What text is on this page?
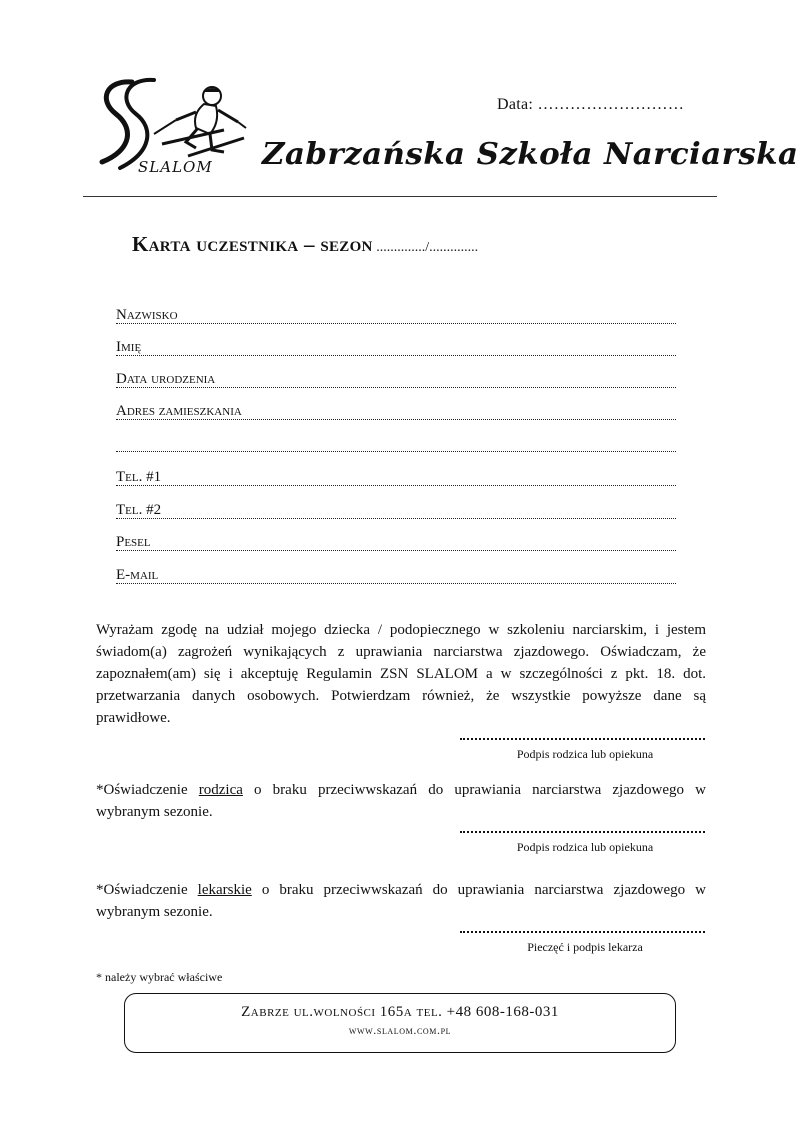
SLALOM
Data: ………………………
Zabrzańska Szkoła Narciarska
Karta uczestnika – sezon ............../..............
Nazwisko
Imię
Data urodzenia
Adres zamieszkania
Tel. #1
Tel. #2
Pesel
E-mail
Wyrażam zgodę na udział mojego dziecka / podopiecznego w szkoleniu narciarskim, i jestem świadom(a) zagrożeń wynikających z uprawiania narciarstwa zjazdowego. Oświadczam, że zapoznałem(am) się i akceptuję Regulamin ZSN SLALOM a w szczególności z pkt. 18. dot. przetwarzania danych osobowych. Potwierdzam również, że wszystkie powyższe dane są prawidłowe.
Podpis rodzica lub opiekuna
*Oświadczenie rodzica o braku przeciwwskazań do uprawiania narciarstwa zjazdowego w wybranym sezonie.
Podpis rodzica lub opiekuna
*Oświadczenie lekarskie o braku przeciwwskazań do uprawiania narciarstwa zjazdowego w wybranym sezonie.
Pieczęć i podpis lekarza
* należy wybrać właściwe
Zabrze ul.wolności 165a tel. +48 608-168-031
www.slalom.com.pl
